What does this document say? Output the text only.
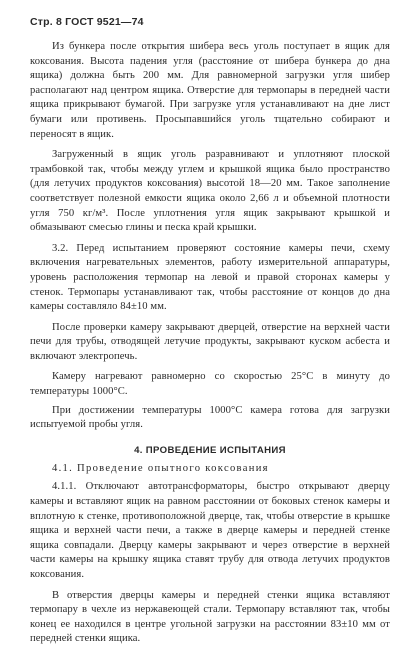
Стр. 8 ГОСТ 9521—74

Из бункера после открытия шибера весь уголь поступает в ящик для коксования. Высота падения угля (расстояние от шибера бункера до дна ящика) должна быть 200 мм. Для равномерной загрузки угля шибер располагают над центром ящика. Отверстие для термопары в передней части ящика прикрывают бумагой. При загрузке угля устанавливают на дне лист бумаги или противень. Просыпавшийся уголь тщательно собирают и переносят в ящик.

Загруженный в ящик уголь разравнивают и уплотняют плоской трамбовкой так, чтобы между углем и крышкой ящика было пространство (для летучих продуктов коксования) высотой 18—20 мм. Такое заполнение соответствует полезной емкости ящика около 2,66 л и объемной плотности угля 750 кг/м³. После уплотнения угля ящик закрывают крышкой и обмазывают смесью глины и песка край крышки.

3.2. Перед испытанием проверяют состояние камеры печи, схему включения нагревательных элементов, работу измерительной аппаратуры, уровень расположения термопар на левой и правой сторонах камеры у стенок. Термопары устанавливают так, чтобы расстояние от концов до дна камеры составляло 84±10 мм.

После проверки камеру закрывают дверцей, отверстие на верхней части печи для трубы, отводящей летучие продукты, закрывают куском асбеста и включают электропечь.

Камеру нагревают равномерно со скоростью 25°С в минуту до температуры 1000°С.

При достижении температуры 1000°С камера готова для загрузки испытуемой пробы угля.

4. ПРОВЕДЕНИЕ ИСПЫТАНИЯ
4.1. Проведение опытного коксования

4.1.1. Отключают автотрансформаторы, быстро открывают дверцу камеры и вставляют ящик на равном расстоянии от боковых стенок камеры и вплотную к стенке, противоположной дверце, так, чтобы отверстие в крышке ящика и верхней части печи, а также в дверце камеры и передней стенке ящика совпадали. Дверцу камеры закрывают и через отверстие в верхней части камеры на крышку ящика ставят трубу для отвода летучих продуктов коксования.

В отверстия дверцы камеры и передней стенки ящика вставляют термопару в чехле из нержавеющей стали. Термопару вставляют так, чтобы конец ее находился в центре угольной загрузки на расстоянии 83±10 мм от передней стенки ящика.
